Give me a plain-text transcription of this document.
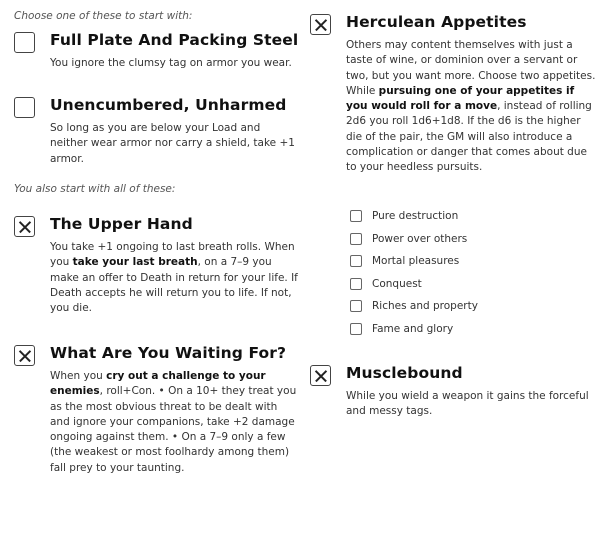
Choose one of these to start with:
Full Plate And Packing Steel
You ignore the clumsy tag on armor you wear.
Unencumbered, Unharmed
So long as you are below your Load and neither wear armor nor carry a shield, take +1 armor.
You also start with all of these:
The Upper Hand
You take +1 ongoing to last breath rolls. When you take your last breath, on a 7–9 you make an offer to Death in return for your life. If Death accepts he will return you to life. If not, you die.
What Are You Waiting For?
When you cry out a challenge to your enemies, roll+Con. • On a 10+ they treat you as the most obvious threat to be dealt with and ignore your companions, take +2 damage ongoing against them. • On a 7–9 only a few (the weakest or most foolhardy among them) fall prey to your taunting.
Herculean Appetites
Others may content themselves with just a taste of wine, or dominion over a servant or two, but you want more. Choose two appetites. While pursuing one of your appetites if you would roll for a move, instead of rolling 2d6 you roll 1d6+1d8. If the d6 is the higher die of the pair, the GM will also introduce a complication or danger that comes about due to your heedless pursuits.
Pure destruction
Power over others
Mortal pleasures
Conquest
Riches and property
Fame and glory
Musclebound
While you wield a weapon it gains the forceful and messy tags.
